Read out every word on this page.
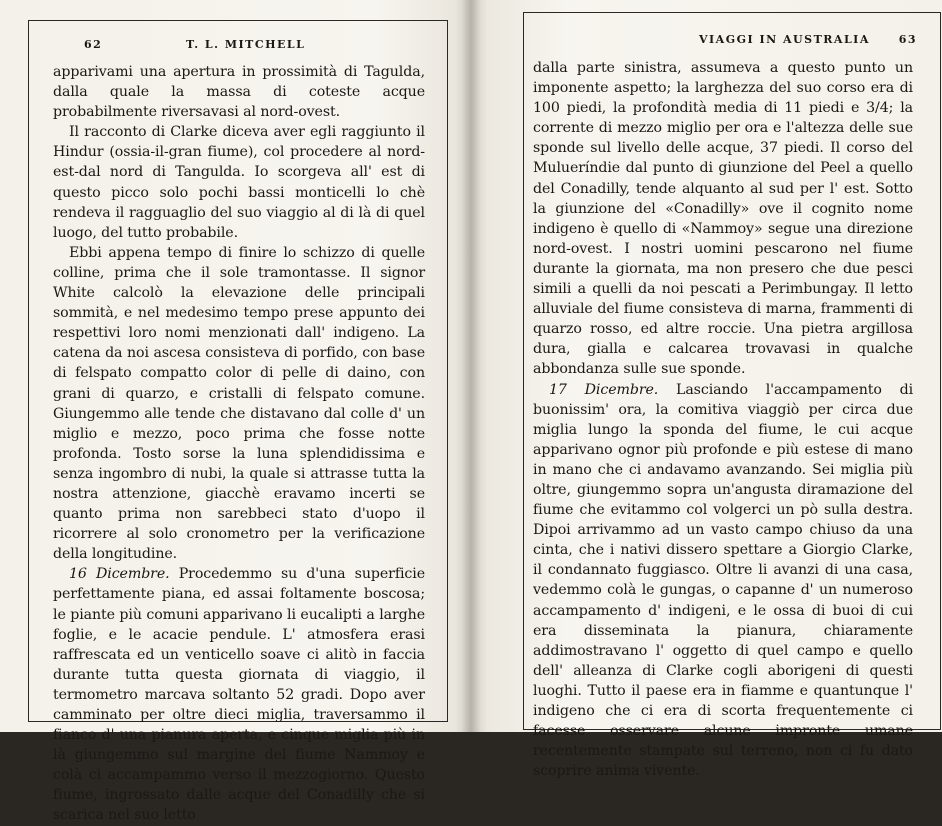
62	T. L. MITCHELL

apparivami una apertura in prossimità di Tagulda, dalla quale la massa di coteste acque probabilmente riversavasi al nord-ovest.

Il racconto di Clarke diceva aver egli raggiunto il Hindur (ossia-il-gran fiume), col procedere al nord-est-dal nord di Tangulda. Io scorgeva all' est di questo picco solo pochi bassi monticelli lo chè rendeva il ragguaglio del suo viaggio al di là di quel luogo, del tutto probabile.

Ebbi appena tempo di finire lo schizzo di quelle colline, prima che il sole tramontasse. Il signor White calcolò la elevazione delle principali sommità, e nel medesimo tempo prese appunto dei respettivi loro nomi menzionati dall' indigeno. La catena da noi ascesa consisteva di porfido, con base di felspato compatto color di pelle di daino, con grani di quarzo, e cristalli di felspato comune. Giungemmo alle tende che distavano dal colle d' un miglio e mezzo, poco prima che fosse notte profonda. Tosto sorse la luna splendidissima e senza ingombro di nubi, la quale si attrasse tutta la nostra attenzione, giacchè eravamo incerti se quanto prima non sarebbeci stato d'uopo il ricorrere al solo cronometro per la verificazione della longitudine.

16 Dicembre. Procedemmo su d'una superficie perfettamente piana, ed assai foltamente boscosa; le piante più comuni apparivano li eucalipti a larghe foglie, e le acacie pendule. L' atmosfera erasi raffrescata ed un venticello soave ci alitò in faccia durante tutta questa giornata di viaggio, il termometro marcava soltanto 52 gradi. Dopo aver camminato per oltre dieci miglia, traversammo il fianco d' una pianura aperta, e cinque miglia più in là giungemmo sul margine del fiume Nammoy e colà ci accampammo verso il mezzogiorno. Questo fiume, ingrossato dalle acque del Conadilly che si scarica nel suo letto

VIAGGI IN AUSTRALIA	63

dalla parte sinistra, assumeva a questo punto un imponente aspetto; la larghezza del suo corso era di 100 piedi, la profondità media di 11 piedi e 3/4; la corrente di mezzo miglio per ora e l'altezza delle sue sponde sul livello delle acque, 37 piedi. Il corso del Mulueríndie dal punto di giunzione del Peel a quello del Conadilly, tende alquanto al sud per l' est. Sotto la giunzione del «Conadilly» ove il cognito nome indigeno è quello di «Nammoy» segue una direzione nord-ovest. I nostri uomini pescarono nel fiume durante la giornata, ma non presero che due pesci simili a quelli da noi pescati a Perimbungay. Il letto alluviale del fiume consisteva di marna, frammenti di quarzo rosso, ed altre roccie. Una pietra argillosa dura, gialla e calcarea trovavasi in qualche abbondanza sulle sue sponde.

17 Dicembre. Lasciando l'accampamento di buonissim' ora, la comitiva viaggiò per circa due miglia lungo la sponda del fiume, le cui acque apparivano ognor più profonde e più estese di mano in mano che ci andavamo avanzando. Sei miglia più oltre, giungemmo sopra un'angusta diramazione del fiume che evitammo col volgerci un pò sulla destra. Dipoi arrivammo ad un vasto campo chiuso da una cinta, che i nativi dissero spettare a Giorgio Clarke, il condannato fuggiasco. Oltre li avanzi di una casa, vedemmo colà le gungas, o capanne d' un numeroso accampamento d' indigeni, e le ossa di buoi di cui era disseminata la pianura, chiaramente addimostravano l' oggetto di quel campo e quello dell' alleanza di Clarke cogli aborigeni di questi luoghi. Tutto il paese era in fiamme e quantunque l' indigeno che ci era di scorta frequentemente ci facesse osservare alcune impronte umane recentemente stampate sul terreno, non ci fu dato scoprire anima vivente.
